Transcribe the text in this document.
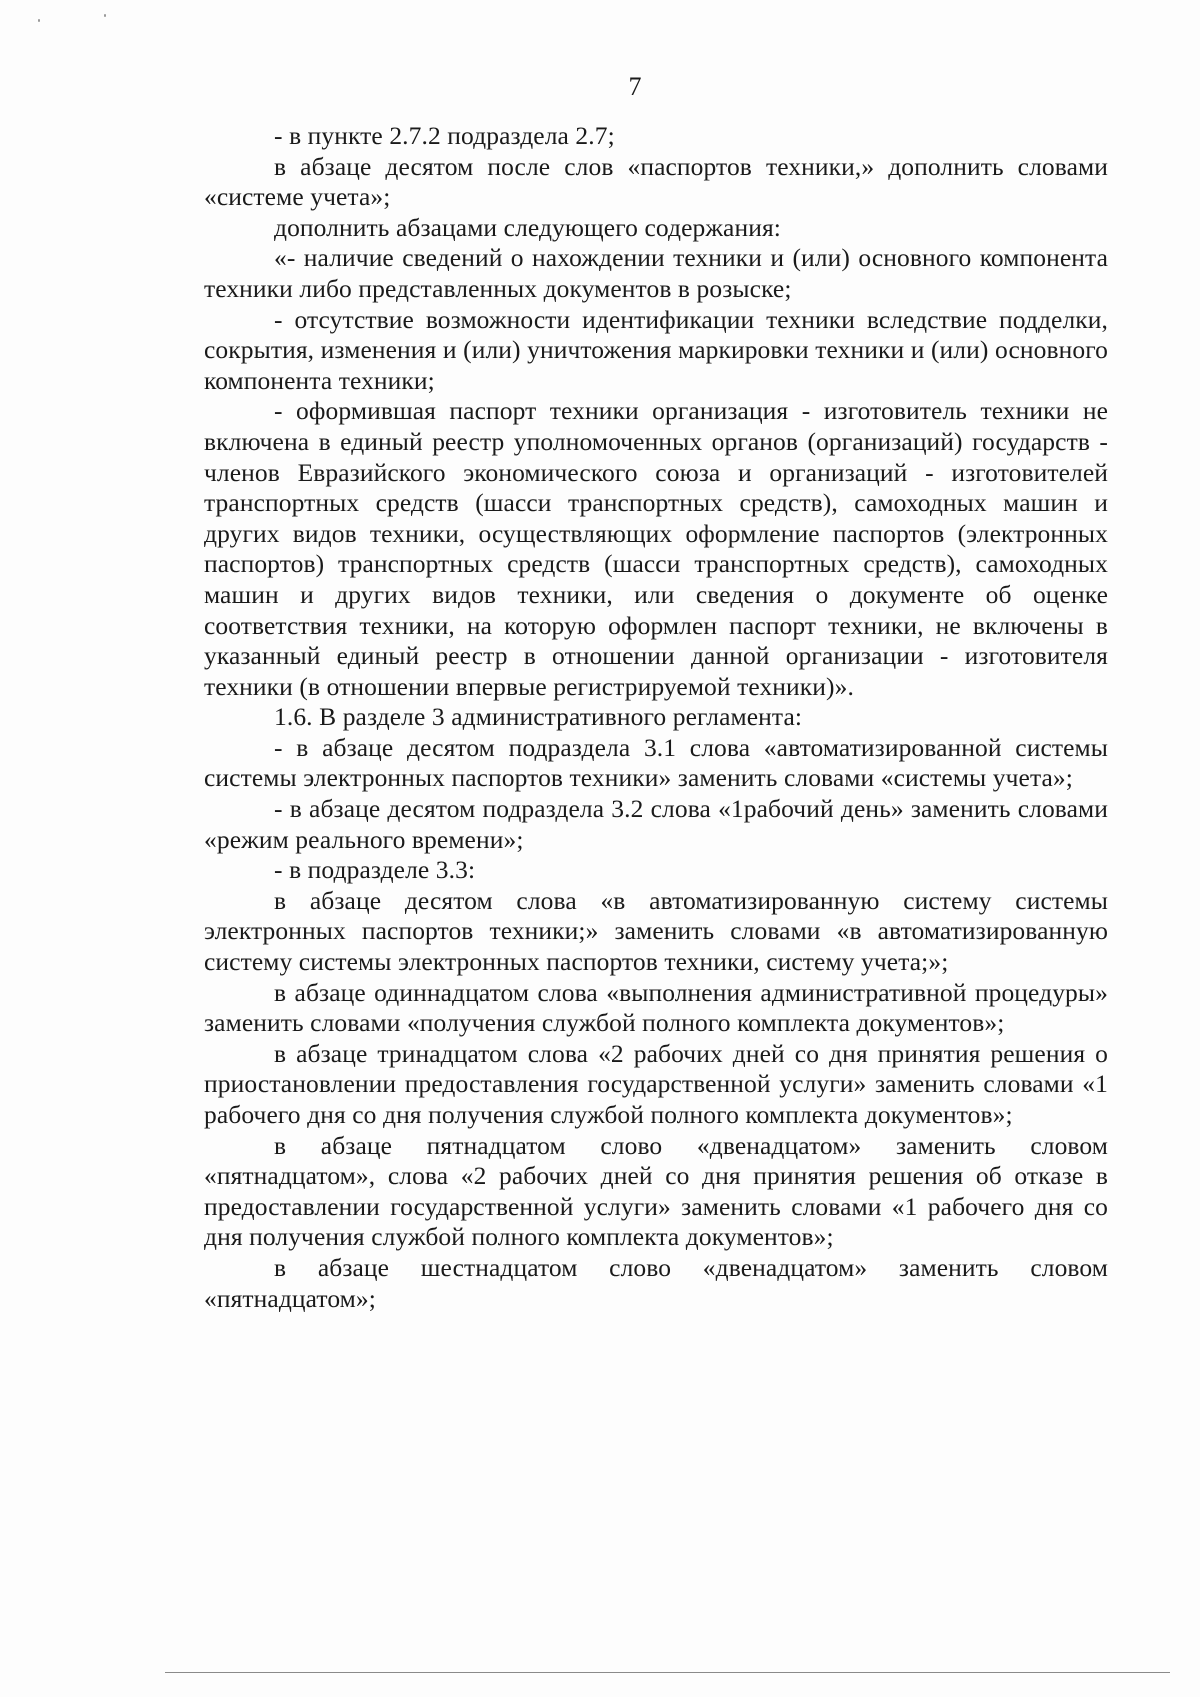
7

- в пункте 2.7.2 подраздела 2.7;

в абзаце десятом после слов «паспортов техники,» дополнить словами «системе учета»;

дополнить абзацами следующего содержания:

«- наличие сведений о нахождении техники и (или) основного компонента техники либо представленных документов в розыске;

- отсутствие возможности идентификации техники вследствие подделки, сокрытия, изменения и (или) уничтожения маркировки техники и (или) основного компонента техники;

- оформившая паспорт техники организация - изготовитель техники не включена в единый реестр уполномоченных органов (организаций) государств - членов Евразийского экономического союза и организаций - изготовителей транспортных средств (шасси транспортных средств), самоходных машин и других видов техники, осуществляющих оформление паспортов (электронных паспортов) транспортных средств (шасси транспортных средств), самоходных машин и других видов техники, или сведения о документе об оценке соответствия техники, на которую оформлен паспорт техники, не включены в указанный единый реестр в отношении данной организации - изготовителя техники (в отношении впервые регистрируемой техники)».

1.6. В разделе 3 административного регламента:

- в абзаце десятом подраздела 3.1 слова «автоматизированной системы системы электронных паспортов техники» заменить словами «системы учета»;

- в абзаце десятом подраздела 3.2 слова «1рабочий день» заменить словами «режим реального времени»;

- в подразделе 3.3:

в абзаце десятом слова «в автоматизированную систему системы электронных паспортов техники;» заменить словами «в автоматизированную систему системы электронных паспортов техники, систему учета;»;

в абзаце одиннадцатом слова «выполнения административной процедуры» заменить словами «получения службой полного комплекта документов»;

в абзаце тринадцатом слова «2 рабочих дней со дня принятия решения о приостановлении предоставления государственной услуги» заменить словами «1 рабочего дня со дня получения службой полного комплекта документов»;

в абзаце пятнадцатом слово «двенадцатом» заменить словом «пятнадцатом», слова «2 рабочих дней со дня принятия решения об отказе в предоставлении государственной услуги» заменить словами «1 рабочего дня со дня получения службой полного комплекта документов»;

в абзаце шестнадцатом слово «двенадцатом» заменить словом «пятнадцатом»;
